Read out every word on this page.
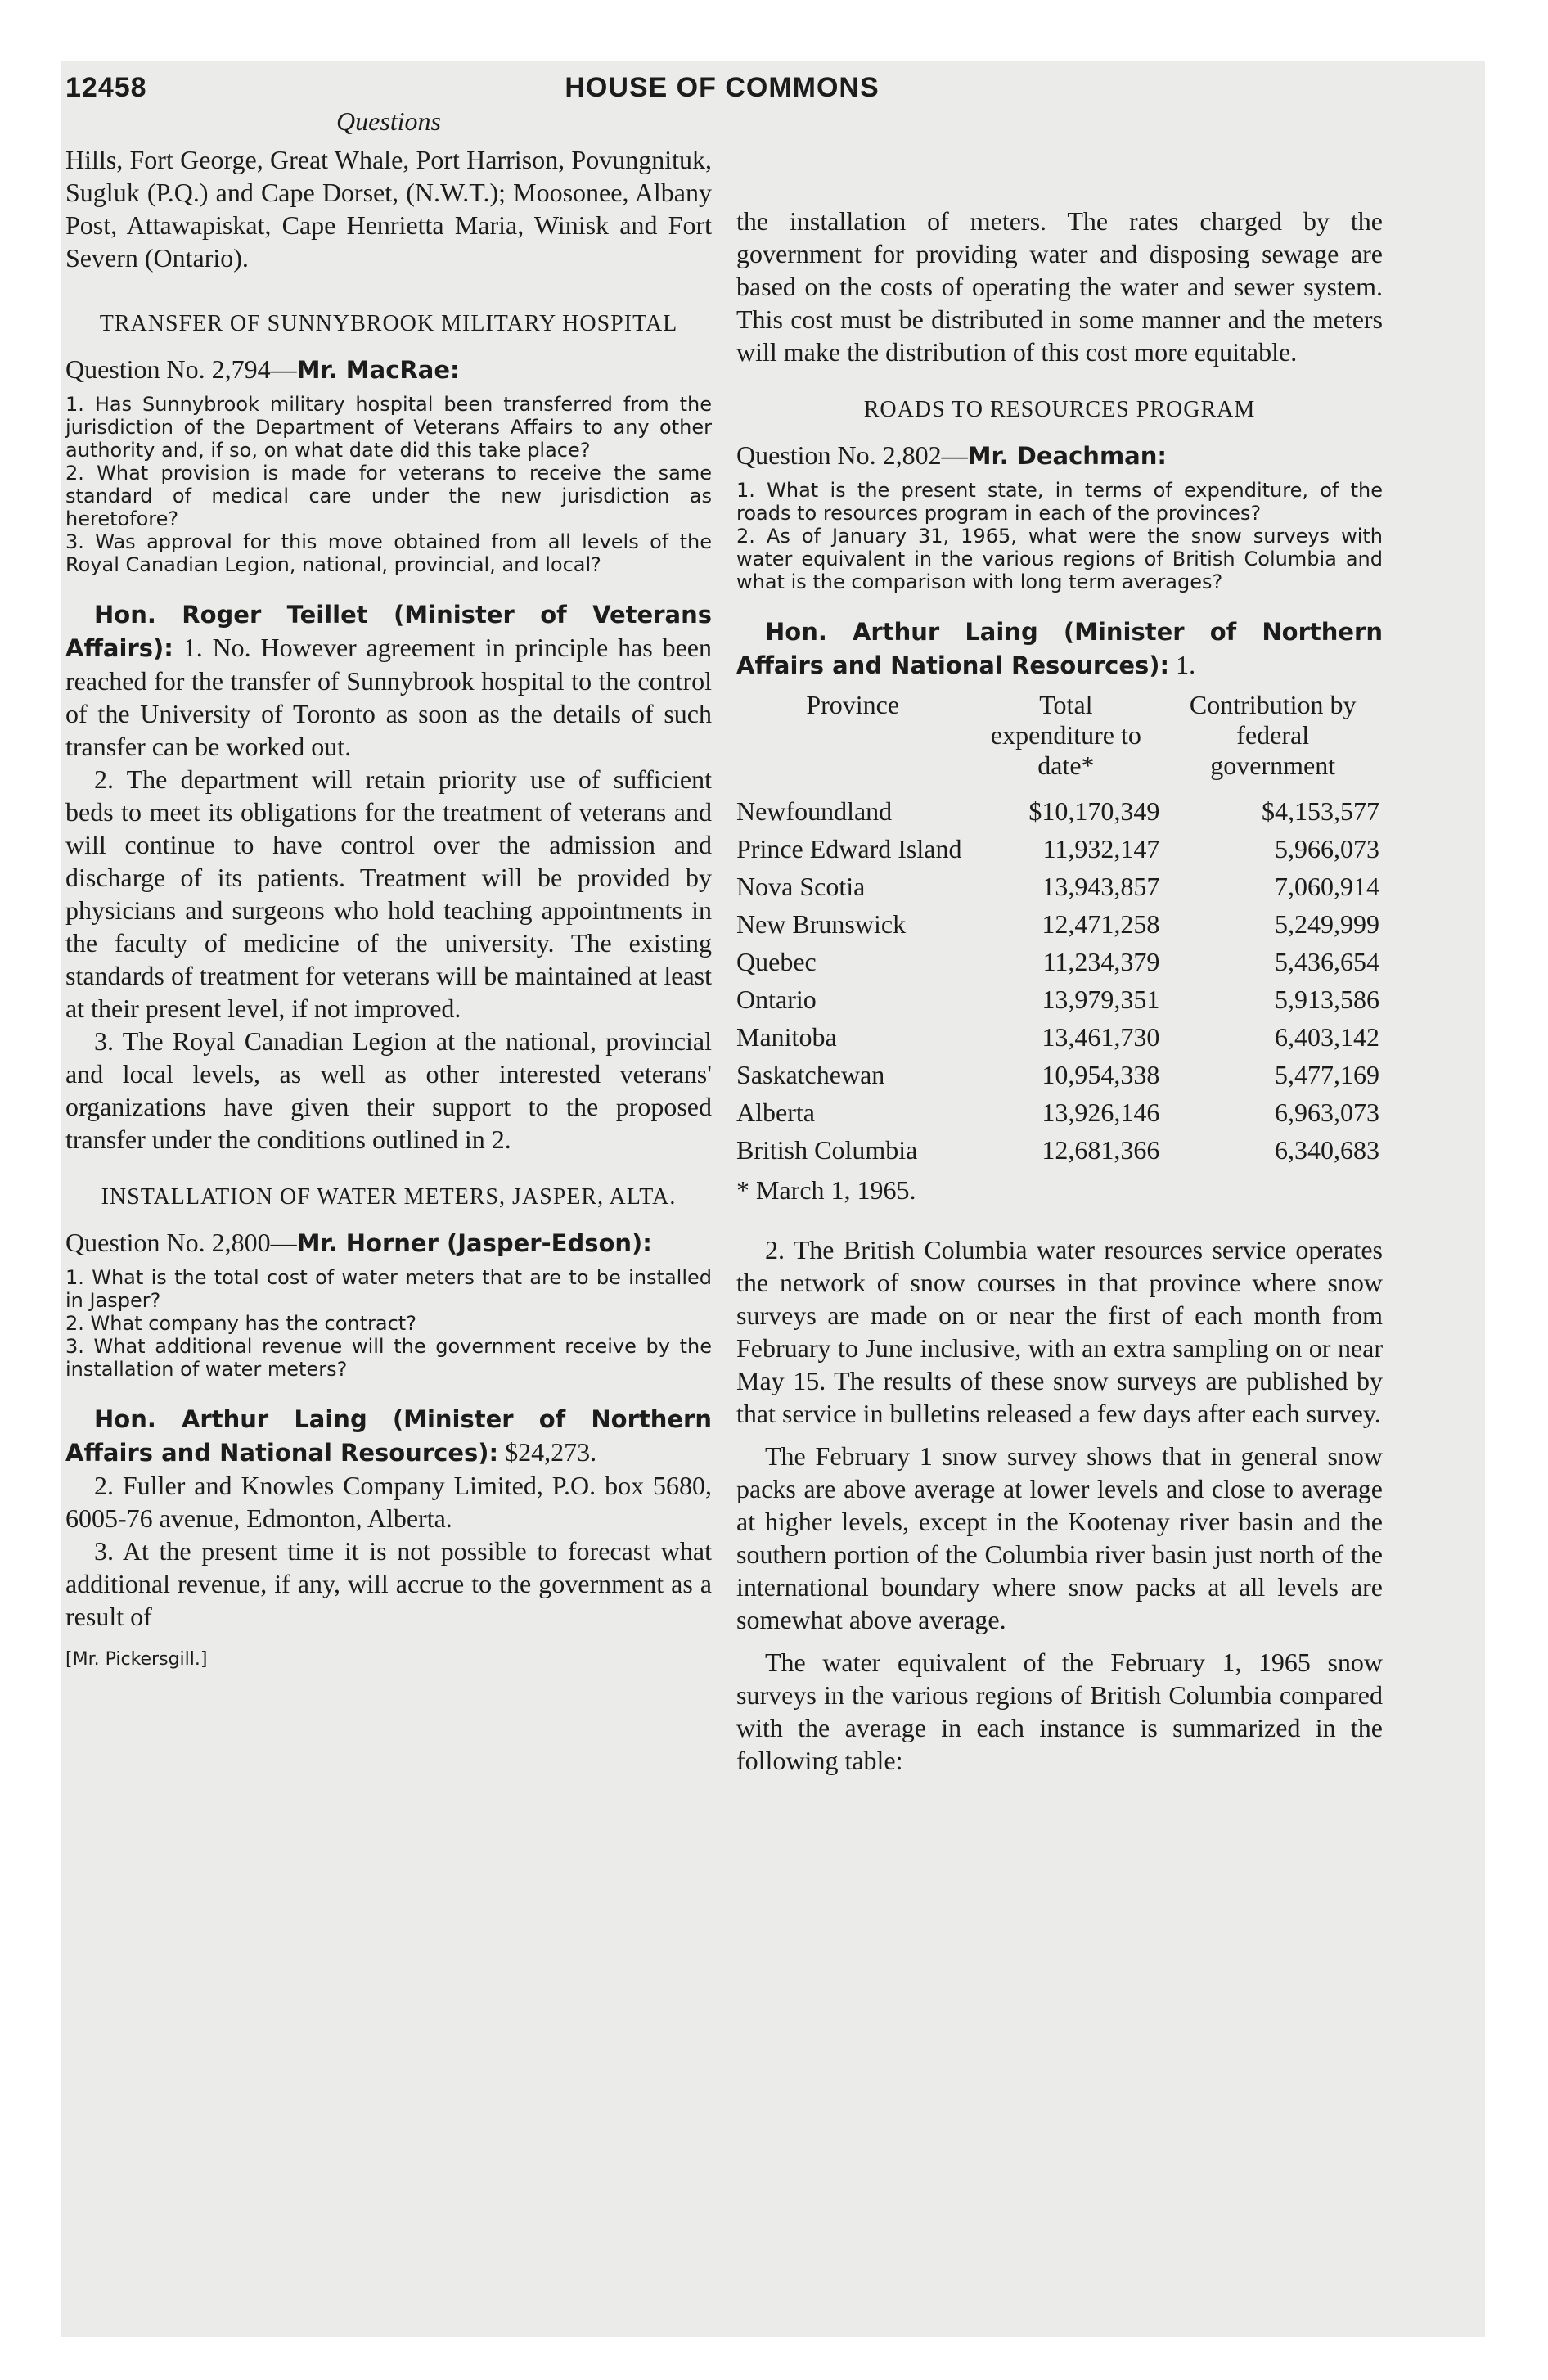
12458	HOUSE OF COMMONS
Questions

Hills, Fort George, Great Whale, Port Harrison, Povungnituk, Sugluk (P.Q.) and Cape Dorset, (N.W.T.); Moosonee, Albany Post, Attawapiskat, Cape Henrietta Maria, Winisk and Fort Severn (Ontario).

TRANSFER OF SUNNYBROOK MILITARY HOSPITAL
Question No. 2,794—Mr. MacRae:

1. Has Sunnybrook military hospital been transferred from the jurisdiction of the Department of Veterans Affairs to any other authority and, if so, on what date did this take place?

2. What provision is made for veterans to receive the same standard of medical care under the new jurisdiction as heretofore?

3. Was approval for this move obtained from all levels of the Royal Canadian Legion, national, provincial, and local?

Hon. Roger Teillet (Minister of Veterans Affairs): 1. No. However agreement in principle has been reached for the transfer of Sunnybrook hospital to the control of the University of Toronto as soon as the details of such transfer can be worked out.

2. The department will retain priority use of sufficient beds to meet its obligations for the treatment of veterans and will continue to have control over the admission and discharge of its patients. Treatment will be provided by physicians and surgeons who hold teaching appointments in the faculty of medicine of the university. The existing standards of treatment for veterans will be maintained at least at their present level, if not improved.

3. The Royal Canadian Legion at the national, provincial and local levels, as well as other interested veterans' organizations have given their support to the proposed transfer under the conditions outlined in 2.

INSTALLATION OF WATER METERS, JASPER, ALTA.
Question No. 2,800—Mr. Horner (Jasper-Edson):

1. What is the total cost of water meters that are to be installed in Jasper?

2. What company has the contract?

3. What additional revenue will the government receive by the installation of water meters?

Hon. Arthur Laing (Minister of Northern Affairs and National Resources): $24,273.

2. Fuller and Knowles Company Limited, P.O. box 5680, 6005-76 avenue, Edmonton, Alberta.

3. At the present time it is not possible to forecast what additional revenue, if any, will accrue to the government as a result of

[Mr. Pickersgill.]

the installation of meters. The rates charged by the government for providing water and disposing sewage are based on the costs of operating the water and sewer system. This cost must be distributed in some manner and the meters will make the distribution of this cost more equitable.

ROADS TO RESOURCES PROGRAM
Question No. 2,802—Mr. Deachman:

1. What is the present state, in terms of expenditure, of the roads to resources program in each of the provinces?

2. As of January 31, 1965, what were the snow surveys with water equivalent in the various regions of British Columbia and what is the comparison with long term averages?

Hon. Arthur Laing (Minister of Northern Affairs and National Resources): 1.

Province	Total expenditure to date*	Contribution by federal government
Newfoundland	$10,170,349	$4,153,577
Prince Edward Island	11,932,147	5,966,073
Nova Scotia	13,943,857	7,060,914
New Brunswick	12,471,258	5,249,999
Quebec	11,234,379	5,436,654
Ontario	13,979,351	5,913,586
Manitoba	13,461,730	6,403,142
Saskatchewan	10,954,338	5,477,169
Alberta	13,926,146	6,963,073
British Columbia	12,681,366	6,340,683
* March 1, 1965.

2. The British Columbia water resources service operates the network of snow courses in that province where snow surveys are made on or near the first of each month from February to June inclusive, with an extra sampling on or near May 15. The results of these snow surveys are published by that service in bulletins released a few days after each survey.

The February 1 snow survey shows that in general snow packs are above average at lower levels and close to average at higher levels, except in the Kootenay river basin and the southern portion of the Columbia river basin just north of the international boundary where snow packs at all levels are somewhat above average.

The water equivalent of the February 1, 1965 snow surveys in the various regions of British Columbia compared with the average in each instance is summarized in the following table:
